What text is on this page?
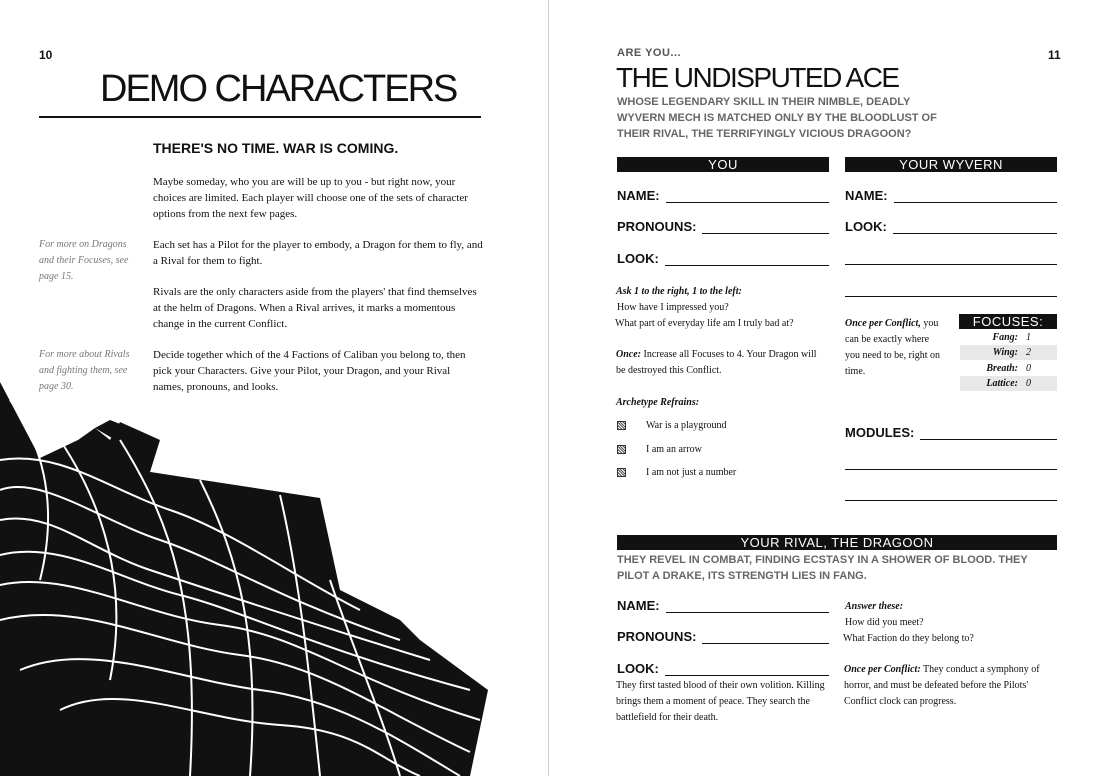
10
DEMO CHARACTERS
THERE'S NO TIME. WAR IS COMING.
Maybe someday, who you are will be up to you - but right now, your choices are limited. Each player will choose one of the sets of character options from the next few pages.
Each set has a Pilot for the player to embody, a Dragon for them to fly, and a Rival for them to fight.
Rivals are the only characters aside from the players' that find themselves at the helm of Dragons. When a Rival arrives, it marks a momentous change in the current Conflict.
Decide together which of the 4 Factions of Caliban you belong to, then pick your Characters. Give your Pilot, your Dragon, and your Rival names, pronouns, and looks.
For more on Dragons and their Focuses, see page 15.
For more about Rivals and fighting them, see page 30.
11
ARE YOU...
THE UNDISPUTED ACE
WHOSE LEGENDARY SKILL IN THEIR NIMBLE, DEADLY WYVERN MECH IS MATCHED ONLY BY THE BLOODLUST OF THEIR RIVAL, THE TERRIFYINGLY VICIOUS DRAGOON?
YOU
NAME:
PRONOUNS:
LOOK:
Ask 1 to the right, 1 to the left:
How have I impressed you?
What part of everyday life am I truly bad at?
Once: Increase all Focuses to 4. Your Dragon will be destroyed this Conflict.
Archetype Refrains:
War is a playground
I am an arrow
I am not just a number
YOUR WYVERN
NAME:
LOOK:
Once per Conflict, you can be exactly where you need to be, right on time.
FOCUSES:
Fang: 1
Wing: 2
Breath: 0
Lattice: 0
MODULES:
YOUR RIVAL, THE DRAGOON
THEY REVEL IN COMBAT, FINDING ECSTASY IN A SHOWER OF BLOOD. THEY PILOT A DRAKE, ITS STRENGTH LIES IN FANG.
NAME:
PRONOUNS:
LOOK:
They first tasted blood of their own volition. Killing brings them a moment of peace. They search the battlefield for their death.
Answer these:
How did you meet?
What Faction do they belong to?
Once per Conflict: They conduct a symphony of horror, and must be defeated before the Pilots' Conflict clock can progress.
